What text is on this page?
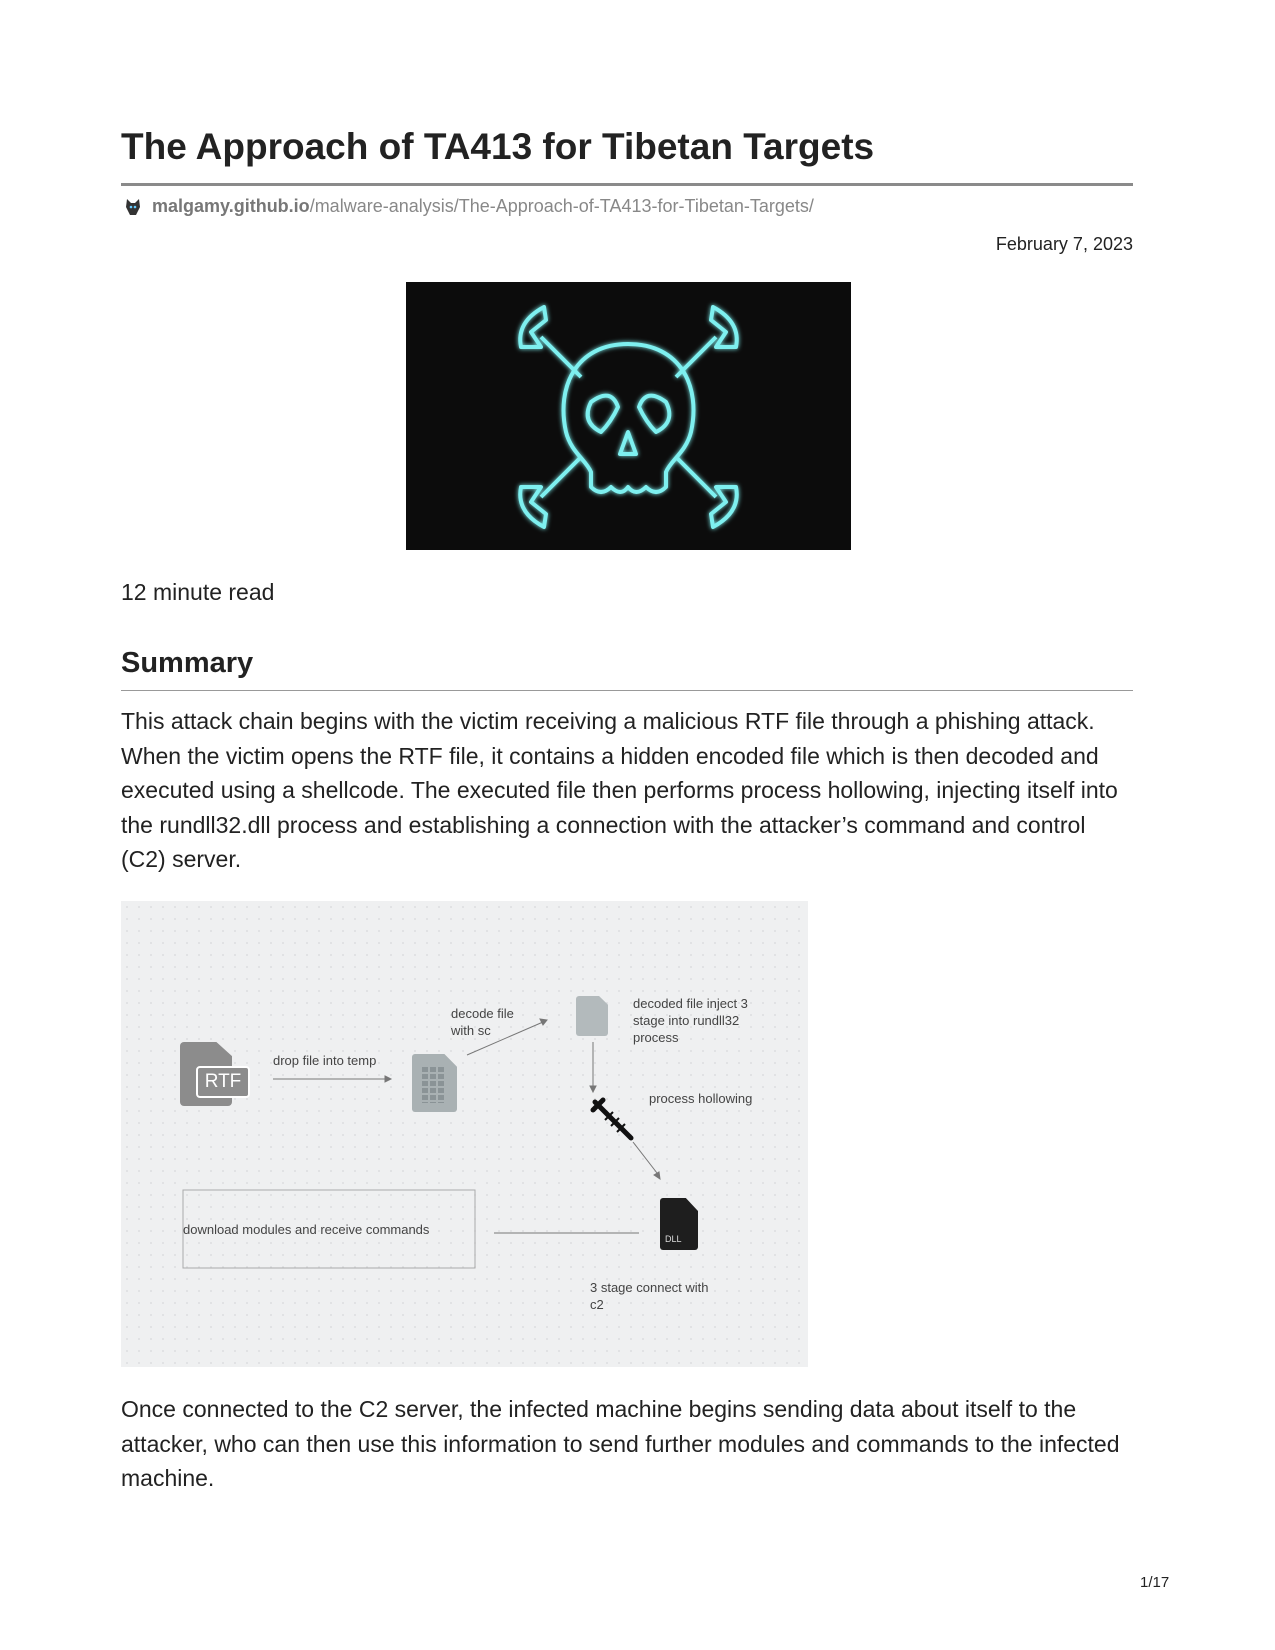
The Approach of TA413 for Tibetan Targets
malgamy.github.io /malware-analysis/The-Approach-of-TA413-for-Tibetan-Targets/
February 7, 2023
12 minute read
Summary
This attack chain begins with the victim receiving a malicious RTF file through a phishing attack. When the victim opens the RTF file, it contains a hidden encoded file which is then decoded and executed using a shellcode. The executed file then performs process hollowing, injecting itself into the rundll32.dll process and establishing a connection with the attacker’s command and control (C2) server.
RTF
drop file into temp
decode file
with sc
decoded file inject 3
stage into rundll32
process
process hollowing
download modules and receive commands
DLL
3 stage connect with
c2
Once connected to the C2 server, the infected machine begins sending data about itself to the attacker, who can then use this information to send further modules and commands to the infected machine.
1/17
